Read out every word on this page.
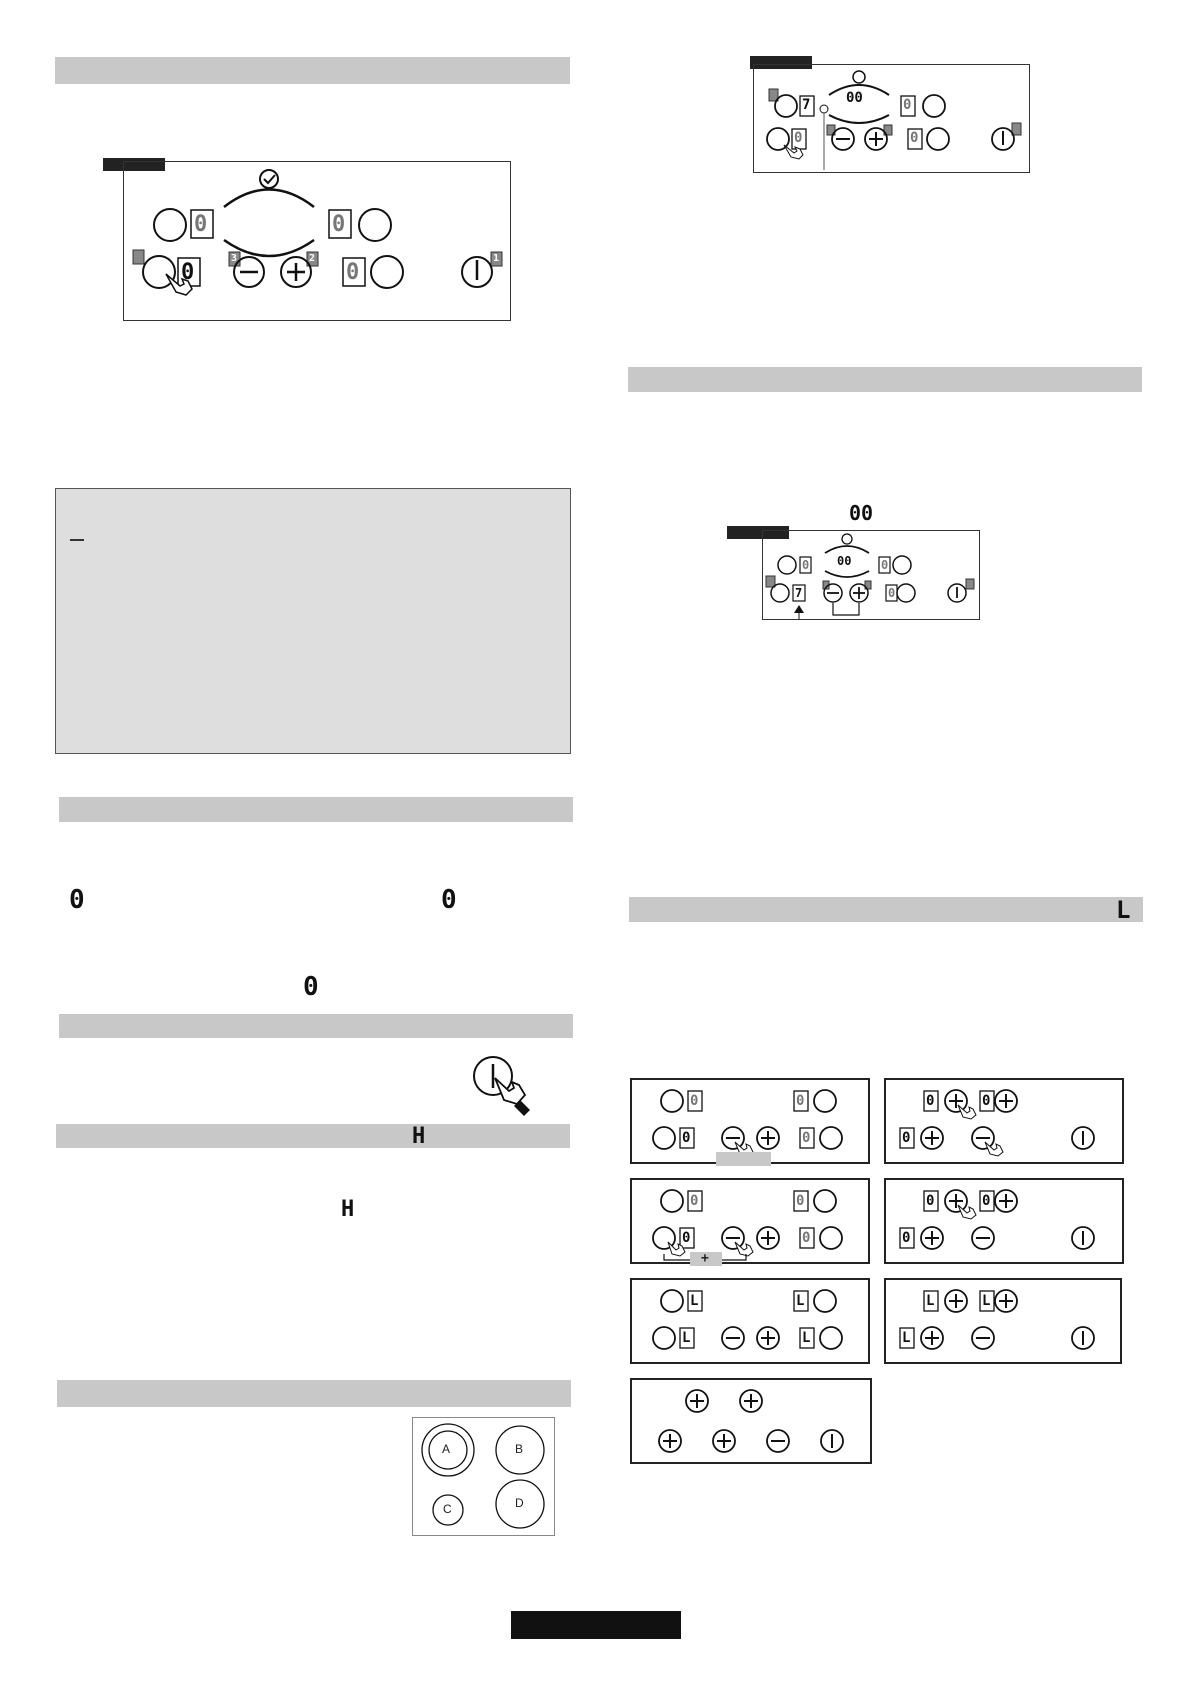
0	0
0
H
H
00
L
0	0
0	0
3	2	1
00
7	0
0	0
00
7
0	0
0
A	B
C	D
0	0
0	0
0	0
0
0	0
0	0
+
0	0
0
L	L
L	L
L	L
L
